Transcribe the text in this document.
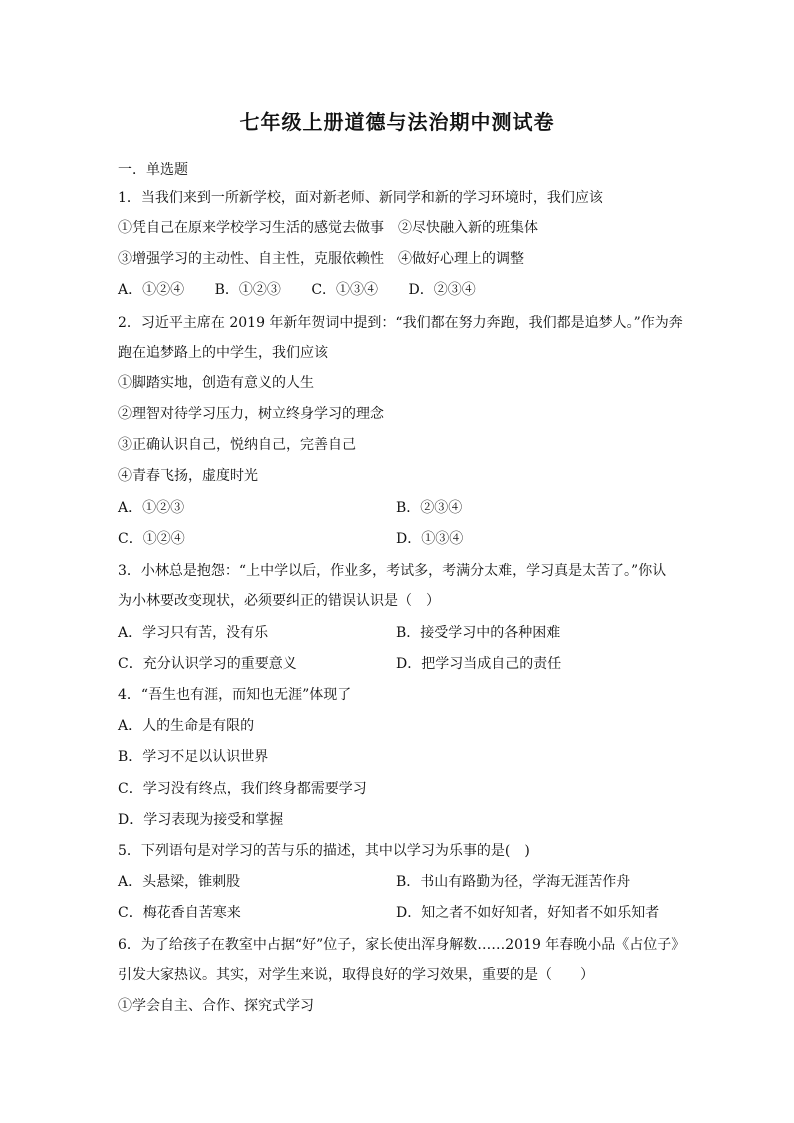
七年级上册道德与法治期中测试卷
一．单选题
1．当我们来到一所新学校，面对新老师、新同学和新的学习环境时，我们应该
①凭自己在原来学校学习生活的感觉去做事　②尽快融入新的班集体
③增强学习的主动性、自主性，克服依赖性　④做好心理上的调整
A．①②④ B．①②③ C．①③④ D．②③④
2．习近平主席在 2019 年新年贺词中提到：“我们都在努力奔跑，我们都是追梦人。”作为奔
跑在追梦路上的中学生，我们应该
①脚踏实地，创造有意义的人生
②理智对待学习压力，树立终身学习的理念
③正确认识自己，悦纳自己，完善自己
④青春飞扬，虚度时光
A．①②③	B．②③④
C．①②④	D．①③④
3．小林总是抱怨：“上中学以后，作业多，考试多，考满分太难，学习真是太苦了。”你认
为小林要改变现状，必须要纠正的错误认识是（　）
A．学习只有苦，没有乐	B．接受学习中的各种困难
C．充分认识学习的重要意义	D．把学习当成自己的责任
4．“吾生也有涯，而知也无涯”体现了
A．人的生命是有限的
B．学习不足以认识世界
C．学习没有终点，我们终身都需要学习
D．学习表现为接受和掌握
5．下列语句是对学习的苦与乐的描述，其中以学习为乐事的是(　)
A．头悬梁，锥刺股	B．书山有路勤为径，学海无涯苦作舟
C．梅花香自苦寒来	D．知之者不如好知者，好知者不如乐知者
6．为了给孩子在教室中占据“好”位子，家长使出浑身解数……2019 年春晚小品《占位子》
引发大家热议。其实，对学生来说，取得良好的学习效果，重要的是（　　）
①学会自主、合作、探究式学习
